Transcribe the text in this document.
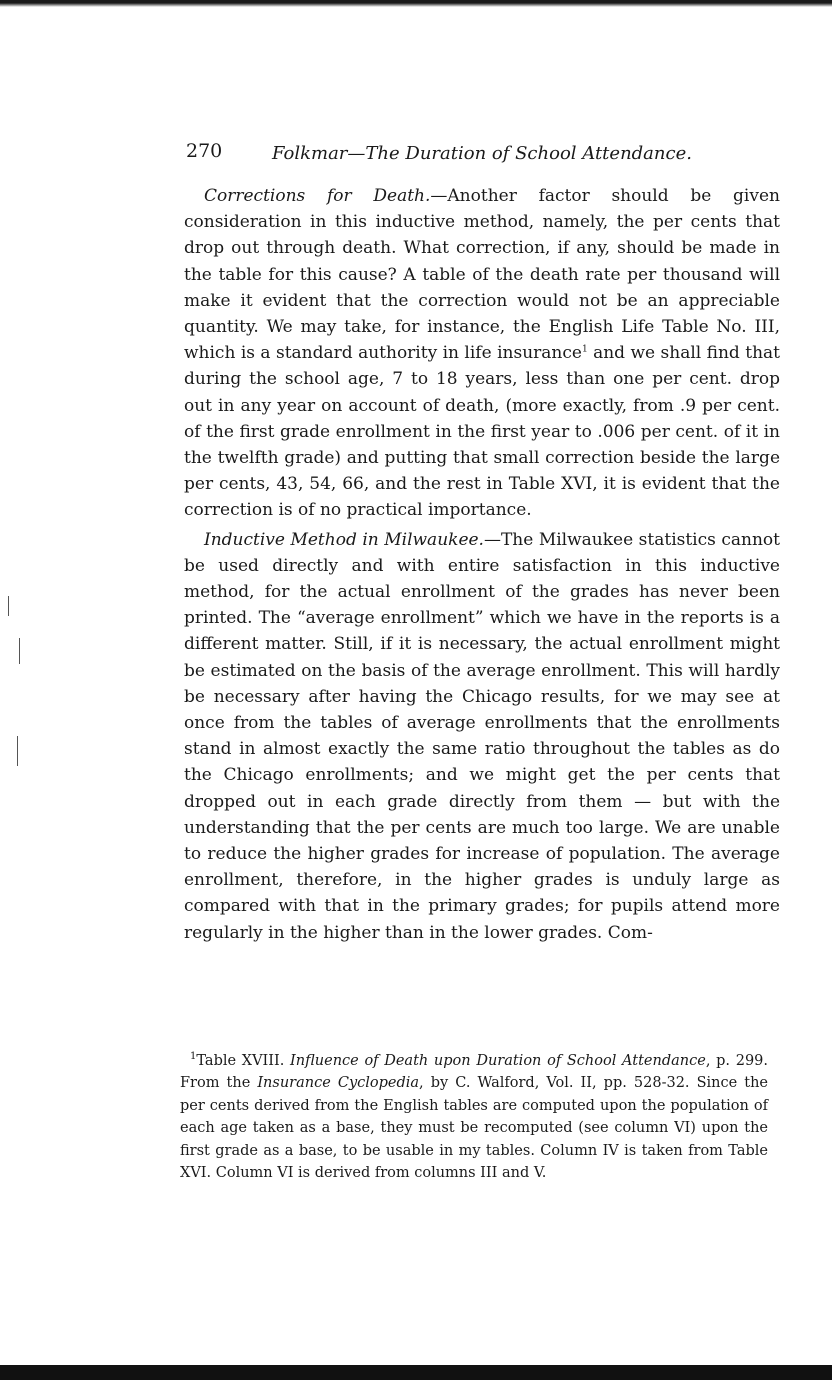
270	Folkmar—The Duration of School Attendance.

Corrections for Death.—Another factor should be given consideration in this inductive method, namely, the per cents that drop out through death. What correction, if any, should be made in the table for this cause? A table of the death rate per thousand will make it evident that the correction would not be an appreciable quantity. We may take, for instance, the English Life Table No. III, which is a standard authority in life insurance$^1$ and we shall find that during the school age, 7 to 18 years, less than one per cent. drop out in any year on account of death, (more exactly, from .9 per cent. of the first grade enrollment in the first year to .006 per cent. of it in the twelfth grade) and putting that small correction beside the large per cents, 43, 54, 66, and the rest in Table XVI, it is evident that the correction is of no practical importance.

Inductive Method in Milwaukee.—The Milwaukee statistics cannot be used directly and with entire satisfaction in this inductive method, for the actual enrollment of the grades has never been printed. The “average enrollment” which we have in the reports is a different matter. Still, if it is necessary, the actual enrollment might be estimated on the basis of the average enrollment. This will hardly be necessary after having the Chicago results, for we may see at once from the tables of average enrollments that the enrollments stand in almost exactly the same ratio throughout the tables as do the Chicago enrollments; and we might get the per cents that dropped out in each grade directly from them — but with the understanding that the per cents are much too large. We are unable to reduce the higher grades for increase of population. The average enrollment, therefore, in the higher grades is unduly large as compared with that in the primary grades; for pupils attend more regularly in the higher than in the lower grades. Com-

$^1$Table XVIII. Influence of Death upon Duration of School Attendance, p. 299. From the Insurance Cyclopedia, by C. Walford, Vol. II, pp. 528-32. Since the per cents derived from the English tables are computed upon the population of each age taken as a base, they must be recomputed (see column VI) upon the first grade as a base, to be usable in my tables. Column IV is taken from Table XVI. Column VI is derived from columns III and V.
